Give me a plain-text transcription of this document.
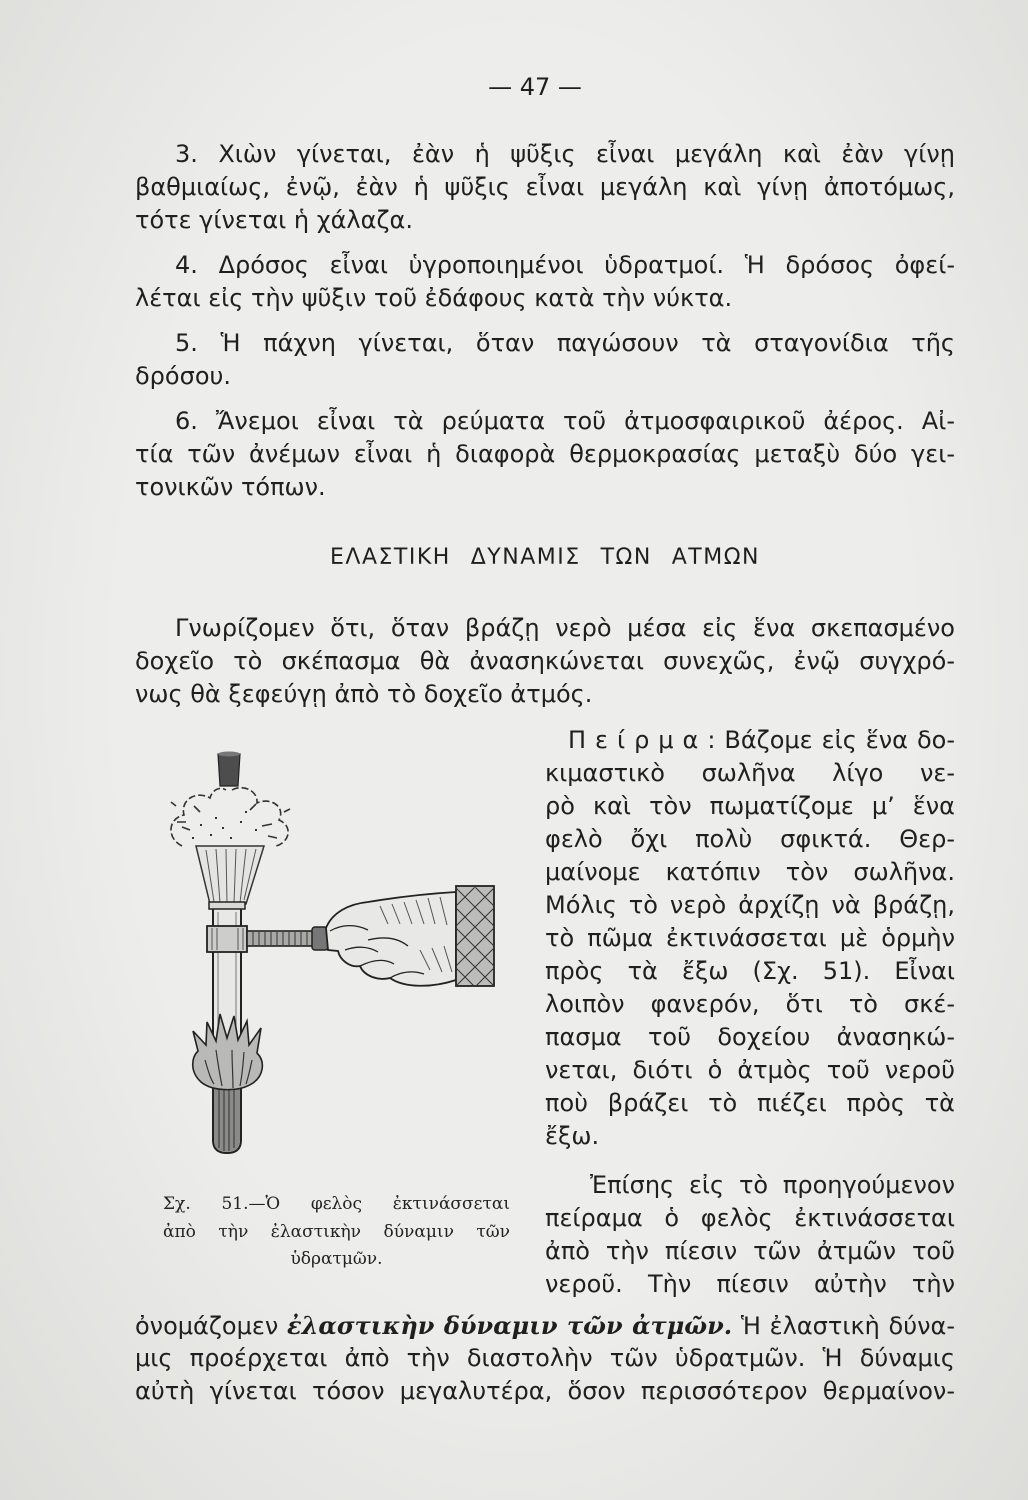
— 47 —
3. Χιὼν γίνεται, ἐὰν ἡ ψῦξις εἶναι μεγάλη καὶ ἐὰν γίνῃ
βαθμιαίως, ἐνῷ, ἐὰν ἡ ψῦξις εἶναι μεγάλη καὶ γίνῃ ἀποτόμως,
τότε γίνεται ἡ χάλαζα.
4. Δρόσος εἶναι ὑγροποιημένοι ὑδρατμοί. Ἡ δρόσος ὀφεί-
λέται εἰς τὴν ψῦξιν τοῦ ἐδάφους κατὰ τὴν νύκτα.
5. Ἡ πάχνη γίνεται, ὅταν παγώσουν τὰ σταγονίδια τῆς
δρόσου.
6. Ἄνεμοι εἶναι τὰ ρεύματα τοῦ ἀτμοσφαιρικοῦ ἀέρος. Αἰ-
τία τῶν ἀνέμων εἶναι ἡ διαφορὰ θερμοκρασίας μεταξὺ δύο γει-
τονικῶν τόπων.
ΕΛΑΣΤΙΚΗ ΔΥΝΑΜΙΣ ΤΩΝ ΑΤΜΩΝ
Γνωρίζομεν ὅτι, ὅταν βράζῃ νερὸ μέσα εἰς ἕνα σκεπασμένο
δοχεῖο τὸ σκέπασμα θὰ ἀνασηκώνεται συνεχῶς, ἐνῷ συγχρό-
νως θὰ ξεφεύγῃ ἀπὸ τὸ δοχεῖο ἀτμός.
Π ε ί ρ μ α : Βάζομε εἰς ἕνα δο-
κιμαστικὸ σωλῆνα λίγο νε-
ρὸ καὶ τὸν πωματίζομε μ’ ἕνα
φελὸ ὄχι πολὺ σφικτά. Θερ-
μαίνομε κατόπιν τὸν σωλῆνα.
Μόλις τὸ νερὸ ἀρχίζῃ νὰ βράζῃ,
τὸ πῶμα ἐκτινάσσεται μὲ ὁρμὴν
πρὸς τὰ ἔξω (Σχ. 51). Εἶναι
λοιπὸν φανερόν, ὅτι τὸ σκέ-
πασμα τοῦ δοχείου ἀνασηκώ-
νεται, διότι ὁ ἀτμὸς τοῦ νεροῦ
ποὺ βράζει τὸ πιέζει πρὸς τὰ
ἔξω.
Ἐπίσης εἰς τὸ προηγούμενον
πείραμα ὁ φελὸς ἐκτινάσσεται
ἀπὸ τὴν πίεσιν τῶν ἀτμῶν τοῦ
νεροῦ. Τὴν πίεσιν αὐτὴν τὴν
ὀνομάζομεν ἐλαστικὴν δύναμιν τῶν ἀτμῶν. Ἡ ἐλαστικὴ δύνα-
μις προέρχεται ἀπὸ τὴν διαστολὴν τῶν ὑδρατμῶν. Ἡ δύναμις
αὐτὴ γίνεται τόσον μεγαλυτέρα, ὅσον περισσότερον θερμαίνον-
Σχ. 51.—Ὁ φελὸς ἐκτινάσσεται
ἀπὸ τὴν ἐλαστικὴν δύναμιν τῶν
ὑδρατμῶν.
